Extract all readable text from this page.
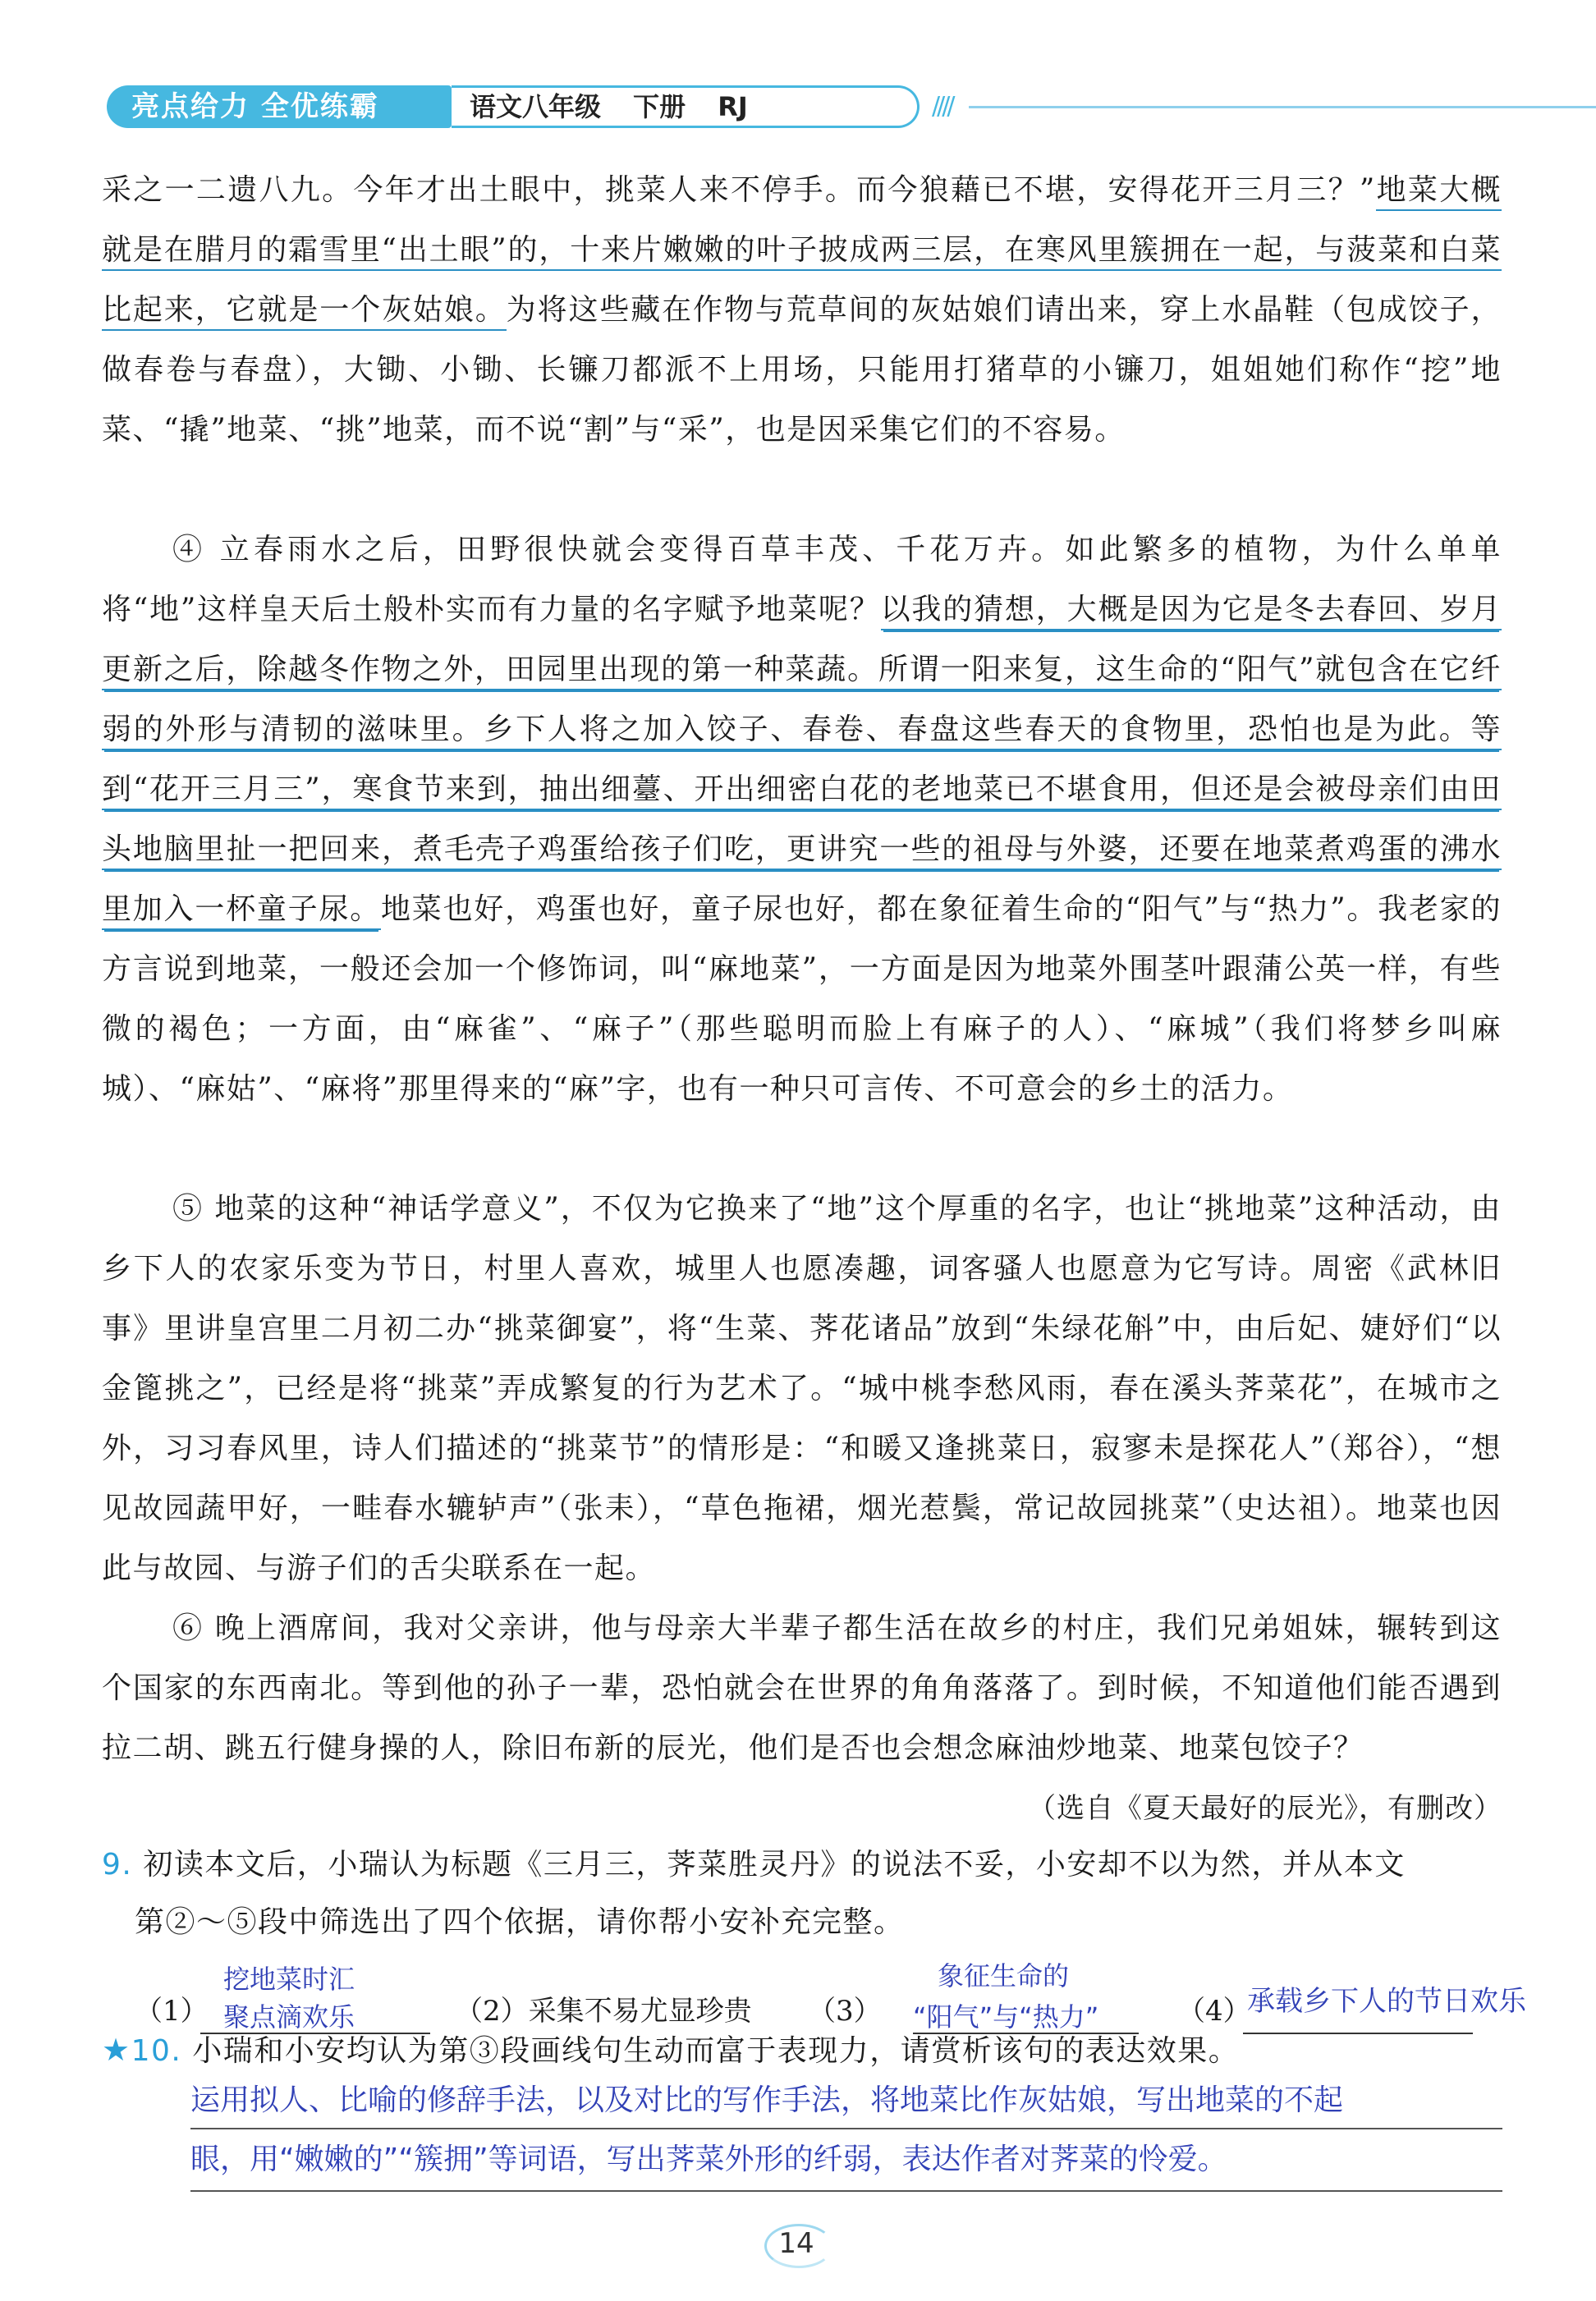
亮点给力 全优练霸	语文八年级 下册 RJ	////

采之一二遗八九。今年才出土眼中，挑菜人来不停手。而今狼藉已不堪，安得花开三月三？”地菜大概就是在腊月的霜雪里“出土眼”的，十来片嫩嫩的叶子披成两三层，在寒风里簇拥在一起，与菠菜和白菜比起来，它就是一个灰姑娘。为将这些藏在作物与荒草间的灰姑娘们请出来，穿上水晶鞋（包成饺子，做春卷与春盘），大锄、小锄、长镰刀都派不上用场，只能用打猪草的小镰刀，姐姐她们称作“挖”地菜、“撬”地菜、“挑”地菜，而不说“割”与“采”，也是因采集它们的不容易。

④ 立春雨水之后，田野很快就会变得百草丰茂、千花万卉。如此繁多的植物，为什么单单将“地”这样皇天后土般朴实而有力量的名字赋予地菜呢？以我的猜想，大概是因为它是冬去春回、岁月更新之后，除越冬作物之外，田园里出现的第一种菜蔬。所谓一阳来复，这生命的“阳气”就包含在它纤弱的外形与清韧的滋味里。乡下人将之加入饺子、春卷、春盘这些春天的食物里，恐怕也是为此。等到“花开三月三”，寒食节来到，抽出细薹、开出细密白花的老地菜已不堪食用，但还是会被母亲们由田头地脑里扯一把回来，煮毛壳子鸡蛋给孩子们吃，更讲究一些的祖母与外婆，还要在地菜煮鸡蛋的沸水里加入一杯童子尿。地菜也好，鸡蛋也好，童子尿也好，都在象征着生命的“阳气”与“热力”。我老家的方言说到地菜，一般还会加一个修饰词，叫“麻地菜”，一方面是因为地菜外围茎叶跟蒲公英一样，有些微的褐色；一方面，由“麻雀”、“麻子”（那些聪明而脸上有麻子的人）、“麻城”（我们将梦乡叫麻城）、“麻姑”、“麻将”那里得来的“麻”字，也有一种只可言传、不可意会的乡土的活力。

⑤ 地菜的这种“神话学意义”，不仅为它换来了“地”这个厚重的名字，也让“挑地菜”这种活动，由乡下人的农家乐变为节日，村里人喜欢，城里人也愿凑趣，词客骚人也愿意为它写诗。周密《武林旧事》里讲皇宫里二月初二办“挑菜御宴”，将“生菜、荠花诸品”放到“朱绿花斛”中，由后妃、婕妤们“以金篦挑之”，已经是将“挑菜”弄成繁复的行为艺术了。“城中桃李愁风雨，春在溪头荠菜花”，在城市之外，习习春风里，诗人们描述的“挑菜节”的情形是：“和暖又逢挑菜日，寂寥未是探花人”（郑谷），“想见故园蔬甲好，一畦春水辘轳声”（张耒），“草色拖裙，烟光惹鬓，常记故园挑菜”（史达祖）。地菜也因此与故园、与游子们的舌尖联系在一起。

⑥ 晚上酒席间，我对父亲讲，他与母亲大半辈子都生活在故乡的村庄，我们兄弟姐妹，辗转到这个国家的东西南北。等到他的孙子一辈，恐怕就会在世界的角角落落了。到时候，不知道他们能否遇到拉二胡、跳五行健身操的人，除旧布新的辰光，他们是否也会想念麻油炒地菜、地菜包饺子？

（选自《夏天最好的辰光》，有删改）
9. 初读本文后，小瑞认为标题《三月三，荠菜胜灵丹》的说法不妥，小安却不以为然，并从本文
第②～⑤段中筛选出了四个依据，请你帮小安补充完整。
（1）
挖地菜时汇
聚点滴欢乐	（2）采集不易尤显珍贵 （3）
象征生命的
“阳气”与“热力”	（4）
承载乡下人的节日欢乐
★10. 小瑞和小安均认为第③段画线句生动而富于表现力，请赏析该句的表达效果。
运用拟人、比喻的修辞手法，以及对比的写作手法，将地菜比作灰姑娘，写出地菜的不起
眼，用“嫩嫩的”“簇拥”等词语，写出荠菜外形的纤弱，表达作者对荠菜的怜爱。
14
